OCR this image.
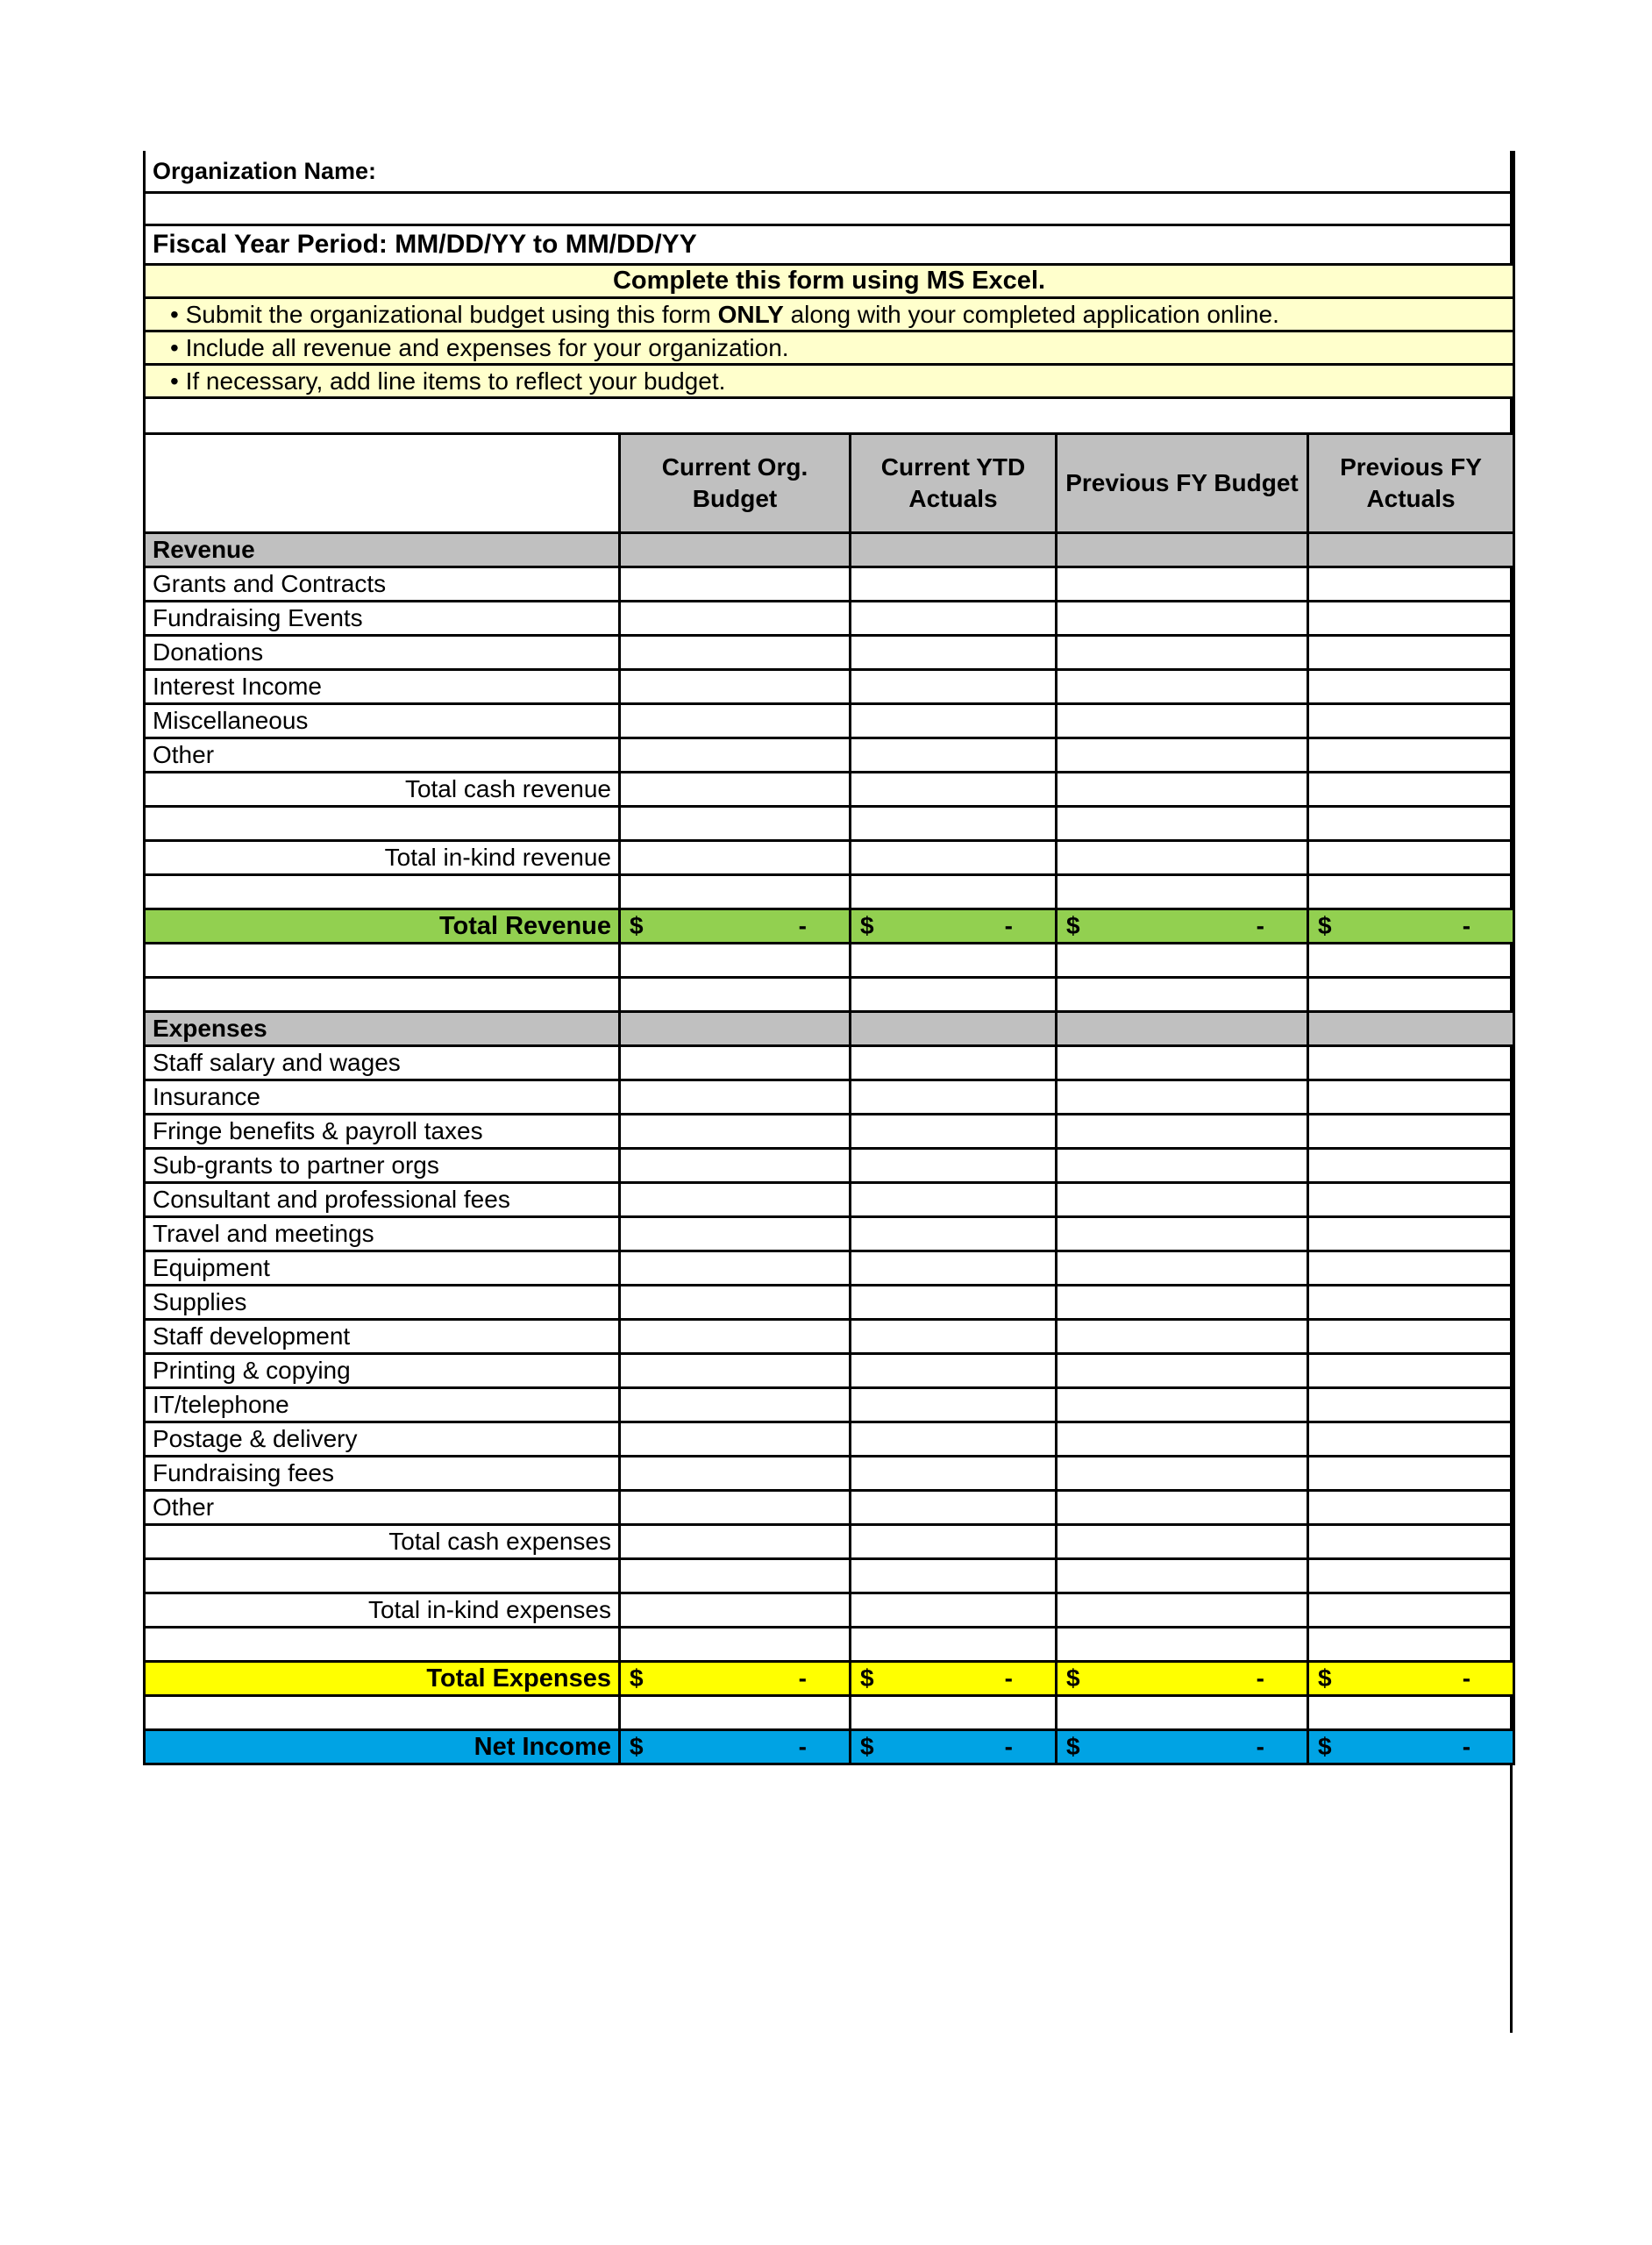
Organization Name:				

Fiscal Year Period: MM/DD/YY to MM/DD/YY				
Complete this form using MS Excel.				
• Submit the organizational budget using this form ONLY along with your completed application online.				
• Include all revenue and expenses for your organization.				
• If necessary, add line items to reflect your budget.				

	Current Org. Budget	Current YTD Actuals	Previous FY Budget	Previous FY Actuals
Revenue				
Grants and Contracts				
Fundraising Events				
Donations				
Interest Income				
Miscellaneous				
Other				
Total cash revenue				

Total in-kind revenue				

Total Revenue	$ -	$ -	$ -	$ -

Expenses				
Staff salary and wages				
Insurance				
Fringe benefits & payroll taxes				
Sub-grants to partner orgs				
Consultant and professional fees				
Travel and meetings				
Equipment				
Supplies				
Staff development				
Printing & copying				
IT/telephone				
Postage & delivery				
Fundraising fees				
Other				
Total cash expenses				

Total in-kind expenses				

Total Expenses	$ -	$ -	$ -	$ -

Net Income	$ -	$ -	$ -	$ -
